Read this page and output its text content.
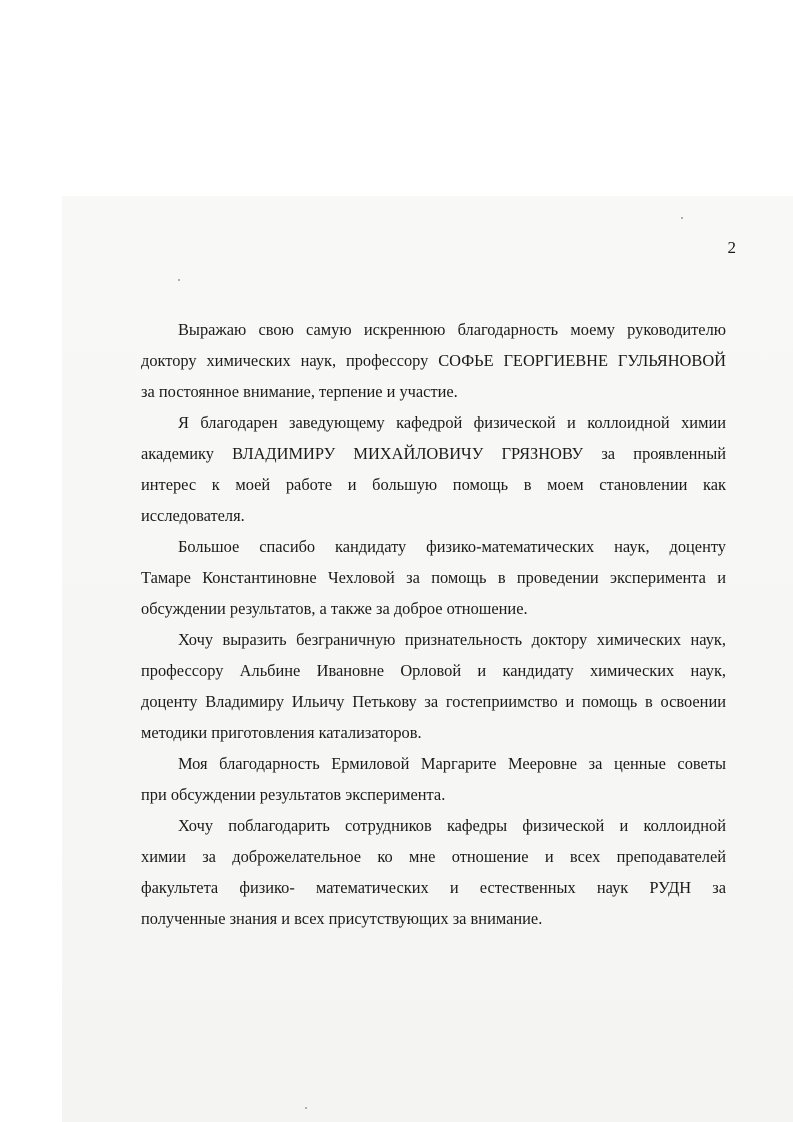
2

Выражаю свою самую искреннюю благодарность моему руководителю
доктору химических наук, профессору СОФЬЕ ГЕОРГИЕВНЕ ГУЛЬЯНОВОЙ
за постоянное внимание, терпение и участие.

Я благодарен заведующему кафедрой физической и коллоидной химии
академику ВЛАДИМИРУ МИХАЙЛОВИЧУ ГРЯЗНОВУ за проявленный
интерес к моей работе и большую помощь в моем становлении как
исследователя.

Большое спасибо кандидату физико-математических наук, доценту
Тамаре Константиновне Чехловой за помощь в проведении эксперимента и
обсуждении результатов, а также за доброе отношение.

Хочу выразить безграничную признательность доктору химических наук,
профессору Альбине Ивановне Орловой и кандидату химических наук,
доценту Владимиру Ильичу Петькову за гостеприимство и помощь в освоении
методики приготовления катализаторов.

Моя благодарность Ермиловой Маргарите Мееровне за ценные советы
при обсуждении результатов эксперимента.

Хочу поблагодарить сотрудников кафедры физической и коллоидной
химии за доброжелательное ко мне отношение и всех преподавателей
факультета физико- математических и естественных наук РУДН за
полученные знания и всех присутствующих за внимание.
